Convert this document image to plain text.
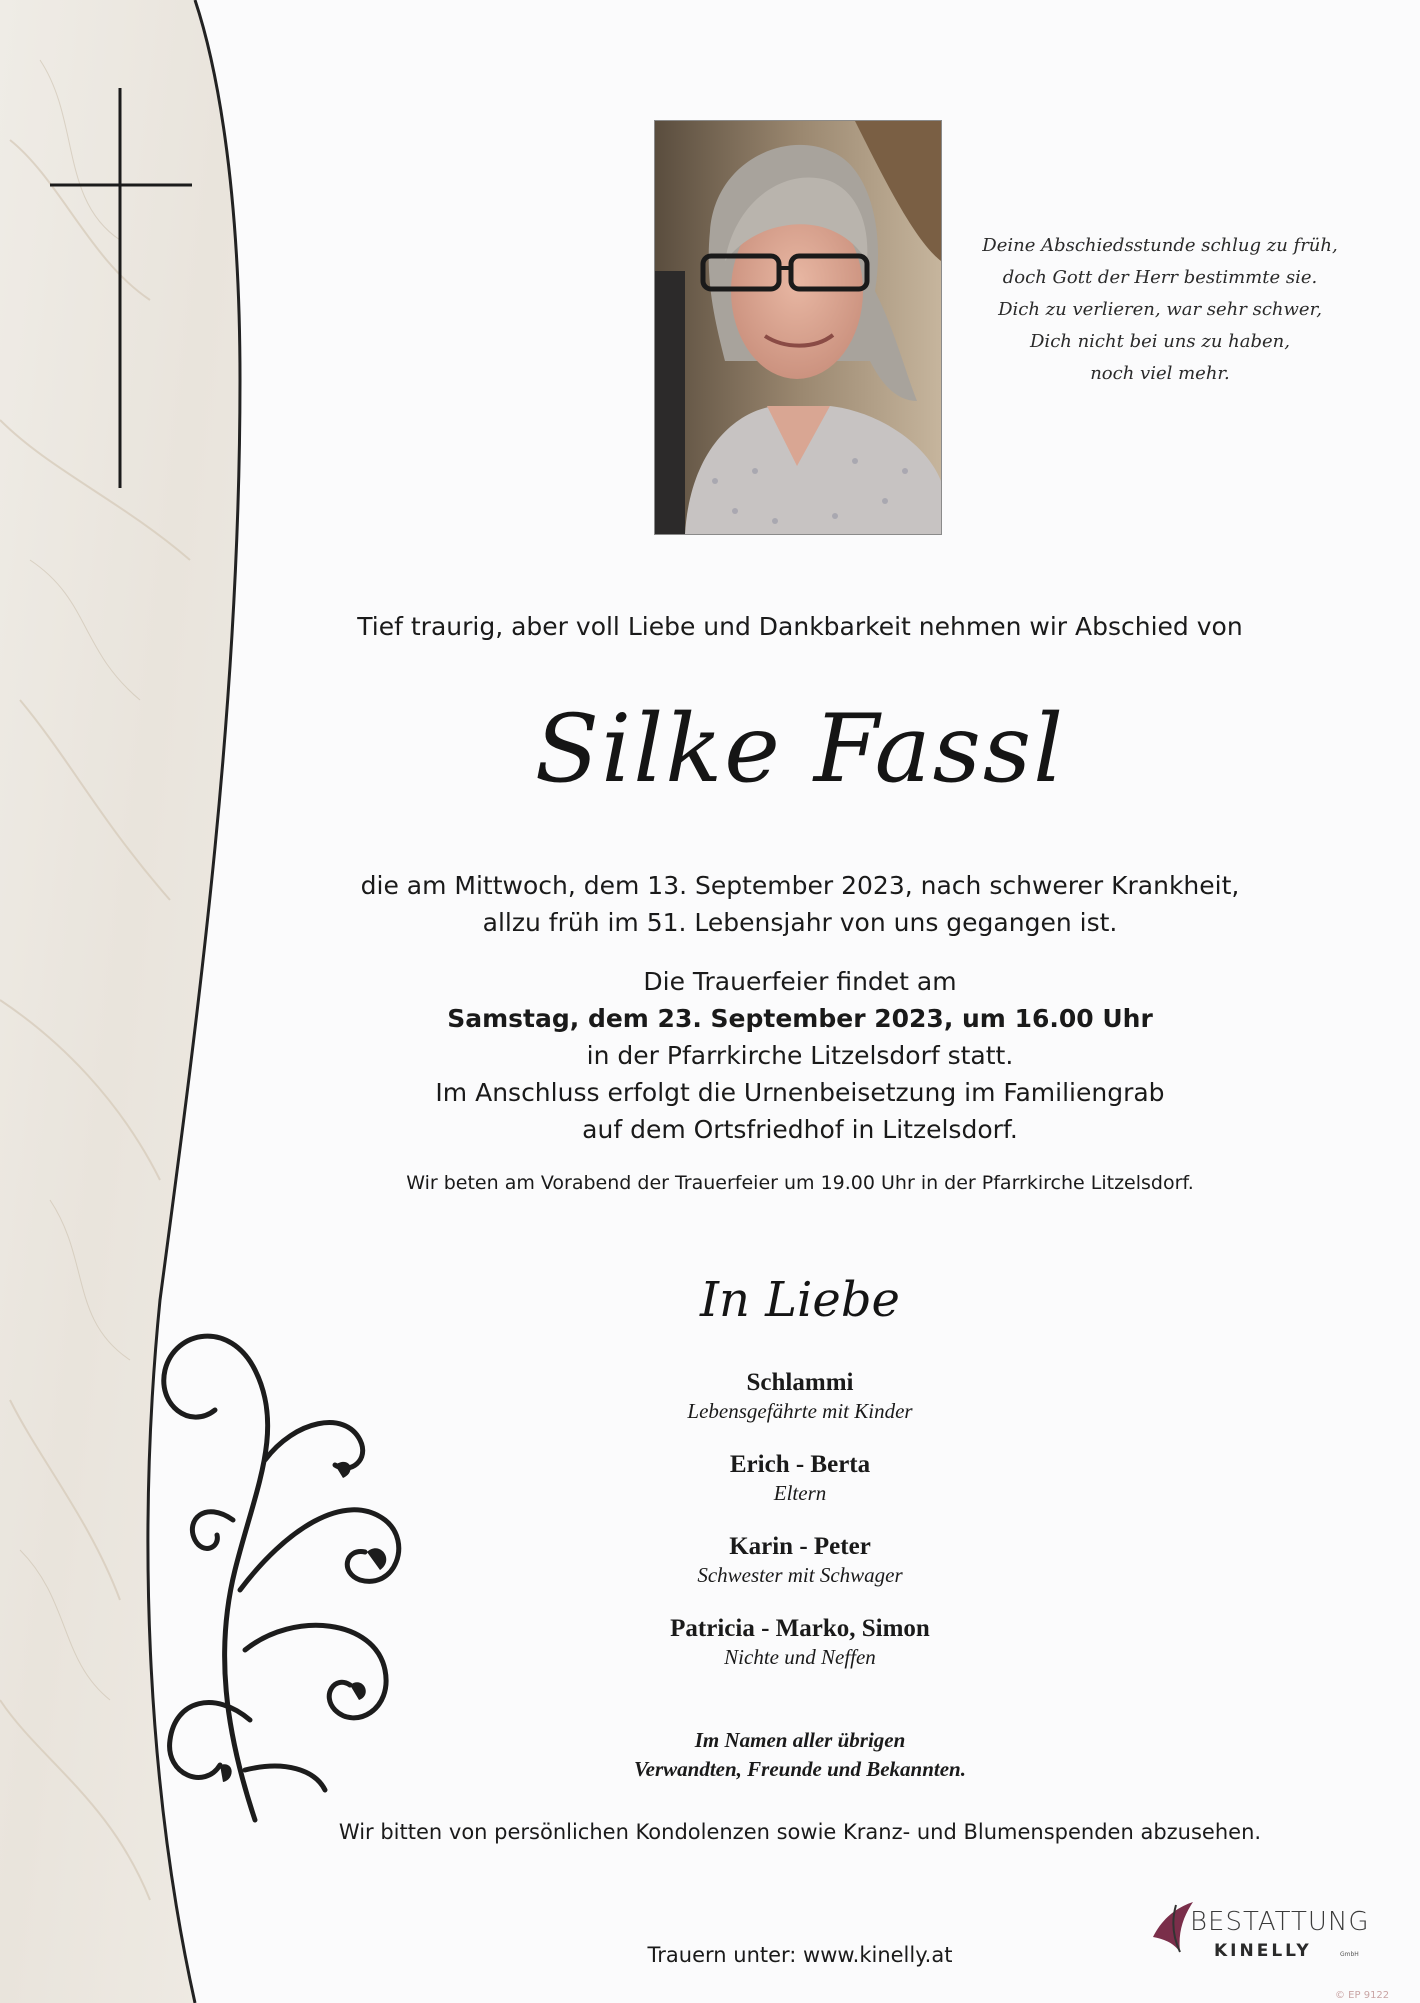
Deine Abschiedsstunde schlug zu früh,
doch Gott der Herr bestimmte sie.
Dich zu verlieren, war sehr schwer,
Dich nicht bei uns zu haben,
noch viel mehr.
Tief traurig, aber voll Liebe und Dankbarkeit nehmen wir Abschied von
Silke Fassl
die am Mittwoch, dem 13. September 2023, nach schwerer Krankheit,
allzu früh im 51. Lebensjahr von uns gegangen ist.
Die Trauerfeier findet am
Samstag, dem 23. September 2023, um 16.00 Uhr
in der Pfarrkirche Litzelsdorf statt.
Im Anschluss erfolgt die Urnenbeisetzung im Familiengrab
auf dem Ortsfriedhof in Litzelsdorf.
Wir beten am Vorabend der Trauerfeier um 19.00 Uhr in der Pfarrkirche Litzelsdorf.
In Liebe
Schlammi
Lebensgefährte mit Kinder
Erich - Berta
Eltern
Karin - Peter
Schwester mit Schwager
Patricia - Marko, Simon
Nichte und Neffen
Im Namen aller übrigen
Verwandten, Freunde und Bekannten.
Wir bitten von persönlichen Kondolenzen sowie Kranz- und Blumenspenden abzusehen.
Trauern unter: www.kinelly.at
BESTATTUNG
KINELLY	GmbH
© EP 9122
